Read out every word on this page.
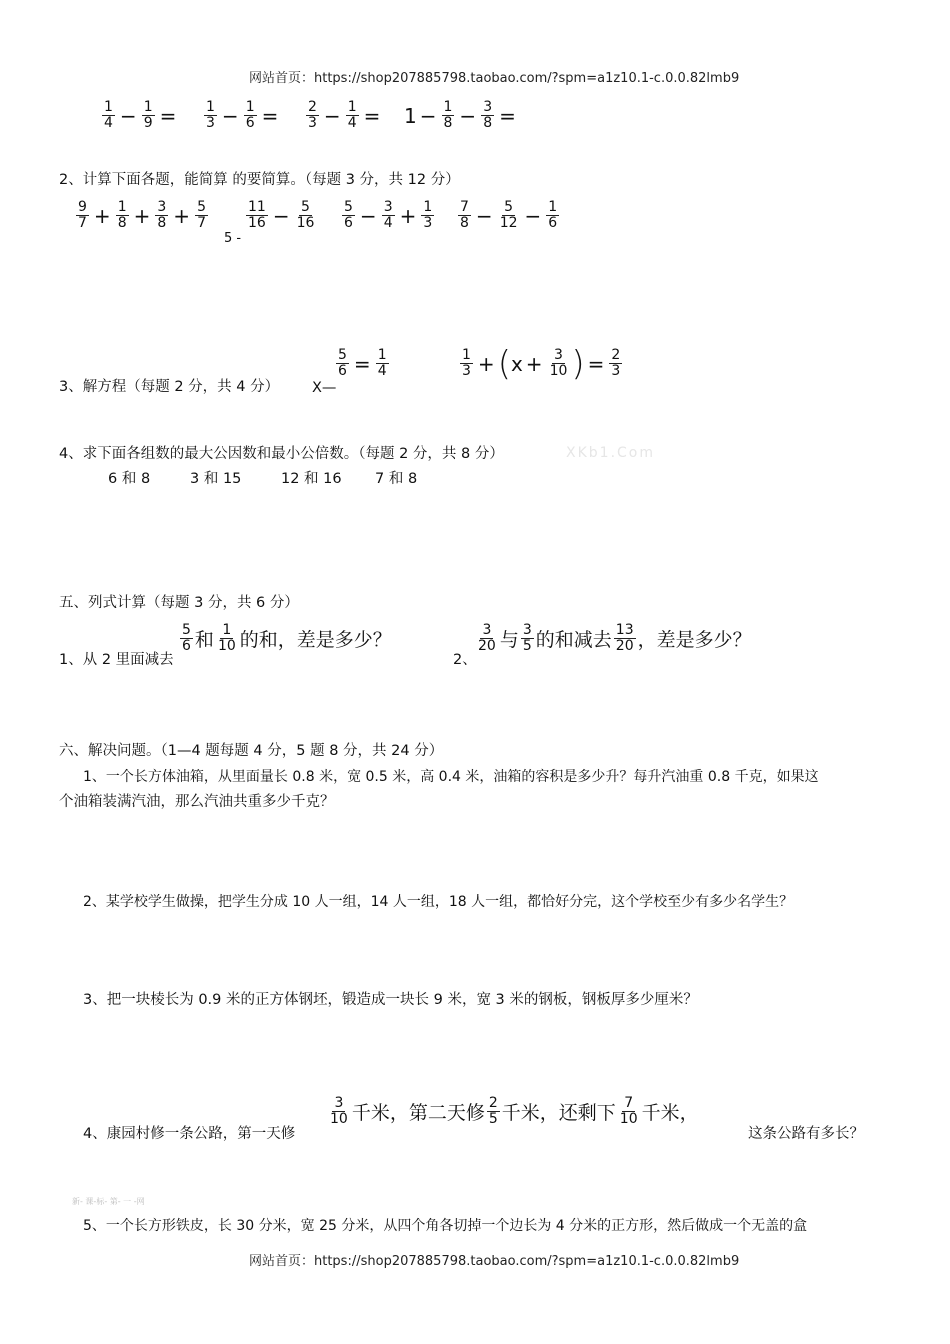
网站首页：https://shop207885798.taobao.com/?spm=a1z10.1-c.0.0.82lmb9
$\frac{1}{4} - \frac{1}{9} = \frac{1}{3} - \frac{1}{6} = \frac{2}{3} - \frac{1}{4} = 1 - \frac{1}{8} - \frac{3}{8}$ =
2、计算下面各题，能简算 的要简算。（每题 3 分，共 12 分）
$\frac{9}{7} + \frac{1}{8} + \frac{3}{8} + \frac{5}{7}$
5 -
$\frac{11}{16} - \frac{5}{16} \frac{5}{6} - \frac{3}{4} + \frac{1}{3} \frac{7}{8} - \frac{5}{12} - \frac{1}{6}$
3、解方程（每题 2 分，共 4 分） X—
$\frac{5}{6} = \frac{1}{4}$	$\frac{1}{3}$ + ( $x + \frac{3}{10}$ ) = $\frac{2}{3}$
4、求下面各组数的最大公因数和最小公倍数。（每题 2 分，共 8 分）	XKb1.Com
6 和 8	3 和 15	12 和 16 7 和 8
五、列式计算（每题 3 分，共 6 分）
1、从 2 里面减去
$\frac{5}{6}$ 和 $\frac{1}{10}$ 的和，差是多少？
2、
$\frac{3}{20}$ 与 $\frac{3}{5}$ 的和减去 $\frac{13}{20}$ ，差是多少？
六、解决问题。（1—4 题每题 4 分，5 题 8 分，共 24 分）
1、一个长方体油箱，从里面量长 0.8 米，宽 0.5 米，高 0.4 米，油箱的容积是多少升？每升汽油重 0.8 千克，如果这
个油箱装满汽油，那么汽油共重多少千克？
2、某学校学生做操，把学生分成 10 人一组，14 人一组，18 人一组，都恰好分完，这个学校至少有多少名学生？
3、把一块棱长为 0.9 米的正方体钢坯，锻造成一块长 9 米，宽 3 米的钢板，钢板厚多少厘米？
4、康园村修一条公路，第一天修
$\frac{3}{10}$ 千米，第二天修 $\frac{2}{5}$ 千米，还剩下 $\frac{7}{10}$ 千米，
这条公路有多长？
新- 课-标- 第- 一 -网
5、一个长方形铁皮，长 30 分米，宽 25 分米，从四个角各切掉一个边长为 4 分米的正方形，然后做成一个无盖的盒
网站首页：https://shop207885798.taobao.com/?spm=a1z10.1-c.0.0.82lmb9
